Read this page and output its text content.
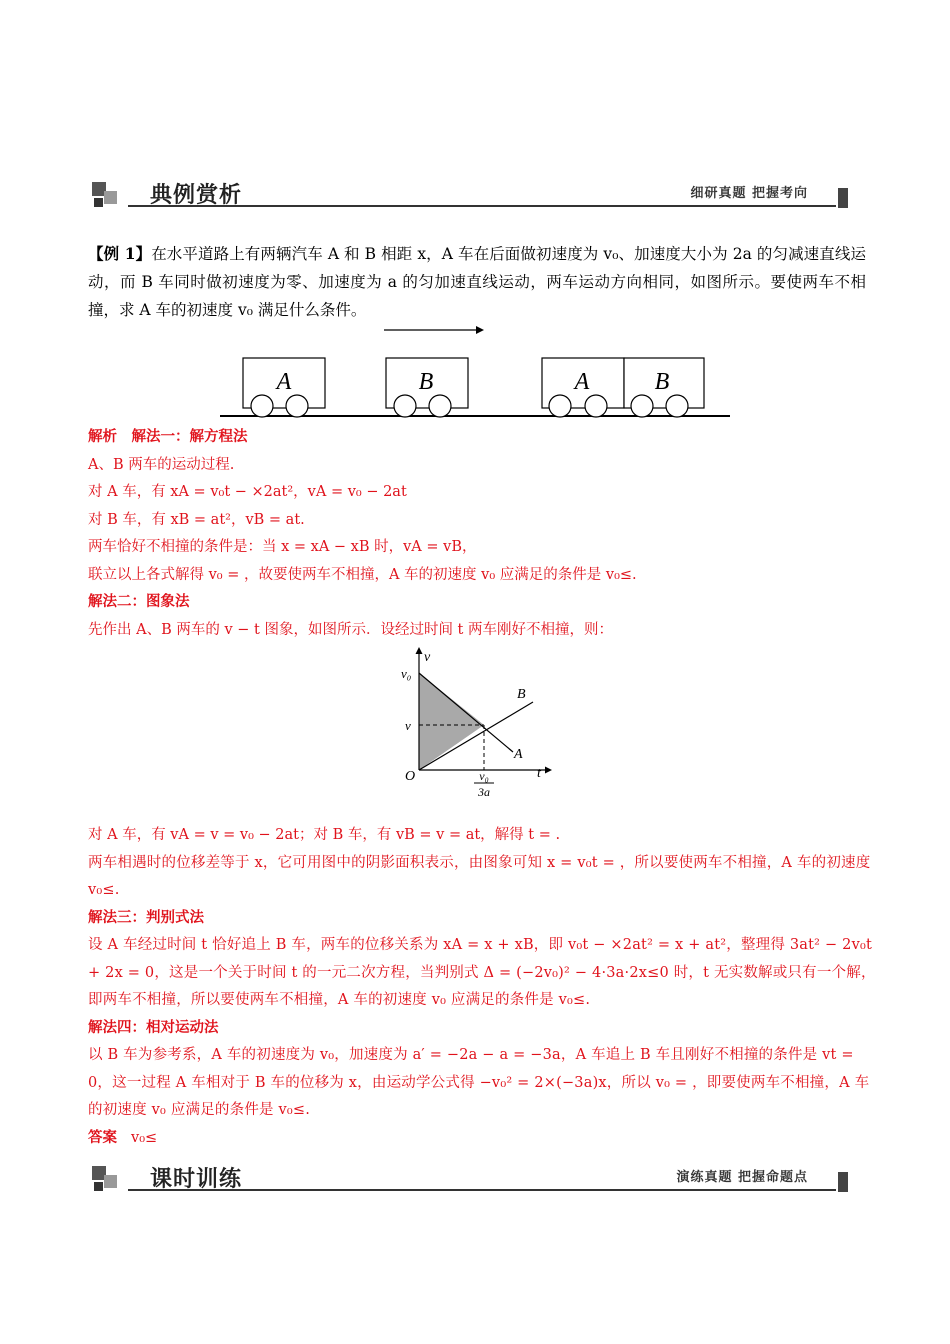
典例赏析	细研真题 把握考向

【例 1】在水平道路上有两辆汽车 A 和 B 相距 x，A 车在后面做初速度为 v₀、加速度大小为 2a 的匀减速直线运动，而 B 车同时做初速度为零、加速度为 a 的匀加速直线运动，两车运动方向相同，如图所示。要使两车不相撞，求 A 车的初速度 v₀ 满足什么条件。

A	B	A	B
解析　解法一：解方程法
A、B 两车的运动过程.
对 A 车，有 xA = v₀t − ×2at²，vA = v₀ − 2at
对 B 车，有 xB = at²，vB = at.
两车恰好不相撞的条件是：当 x = xA − xB 时，vA = vB，
联立以上各式解得 v₀ = ，故要使两车不相撞，A 车的初速度 v₀ 应满足的条件是 v₀≤.
解法二：图象法
先作出 A、B 两车的 v − t 图象，如图所示．设经过时间 t 两车刚好不相撞，则：
对 A 车，有 vA = v = v₀ − 2at；对 B 车，有 vB = v = at，解得 t = .
两车相遇时的位移差等于 x，它可用图中的阴影面积表示，由图象可知 x = v₀t = ，所以要使两车不相撞，A 车的初速度 v₀≤.
解法三：判别式法
设 A 车经过时间 t 恰好追上 B 车，两车的位移关系为 xA = x + xB，即 v₀t − ×2at² = x + at²，整理得 3at² − 2v₀t + 2x = 0，这是一个关于时间 t 的一元二次方程，当判别式 Δ = (−2v₀)² − 4·3a·2x≤0 时，t 无实数解或只有一个解，即两车不相撞，所以要使两车不相撞，A 车的初速度 v₀ 应满足的条件是 v₀≤.
解法四：相对运动法
以 B 车为参考系，A 车的初速度为 v₀，加速度为 a′ = −2a − a = −3a，A 车追上 B 车且刚好不相撞的条件是 vt = 0，这一过程 A 车相对于 B 车的位移为 x，由运动学公式得 −v₀² = 2×(−3a)x，所以 v₀ = ，即要使两车不相撞，A 车的初速度 v₀ 应满足的条件是 v₀≤.
答案 v₀≤
v
t
O
v₀
v
B
A
v₀
3a
课时训练	演练真题 把握命题点
